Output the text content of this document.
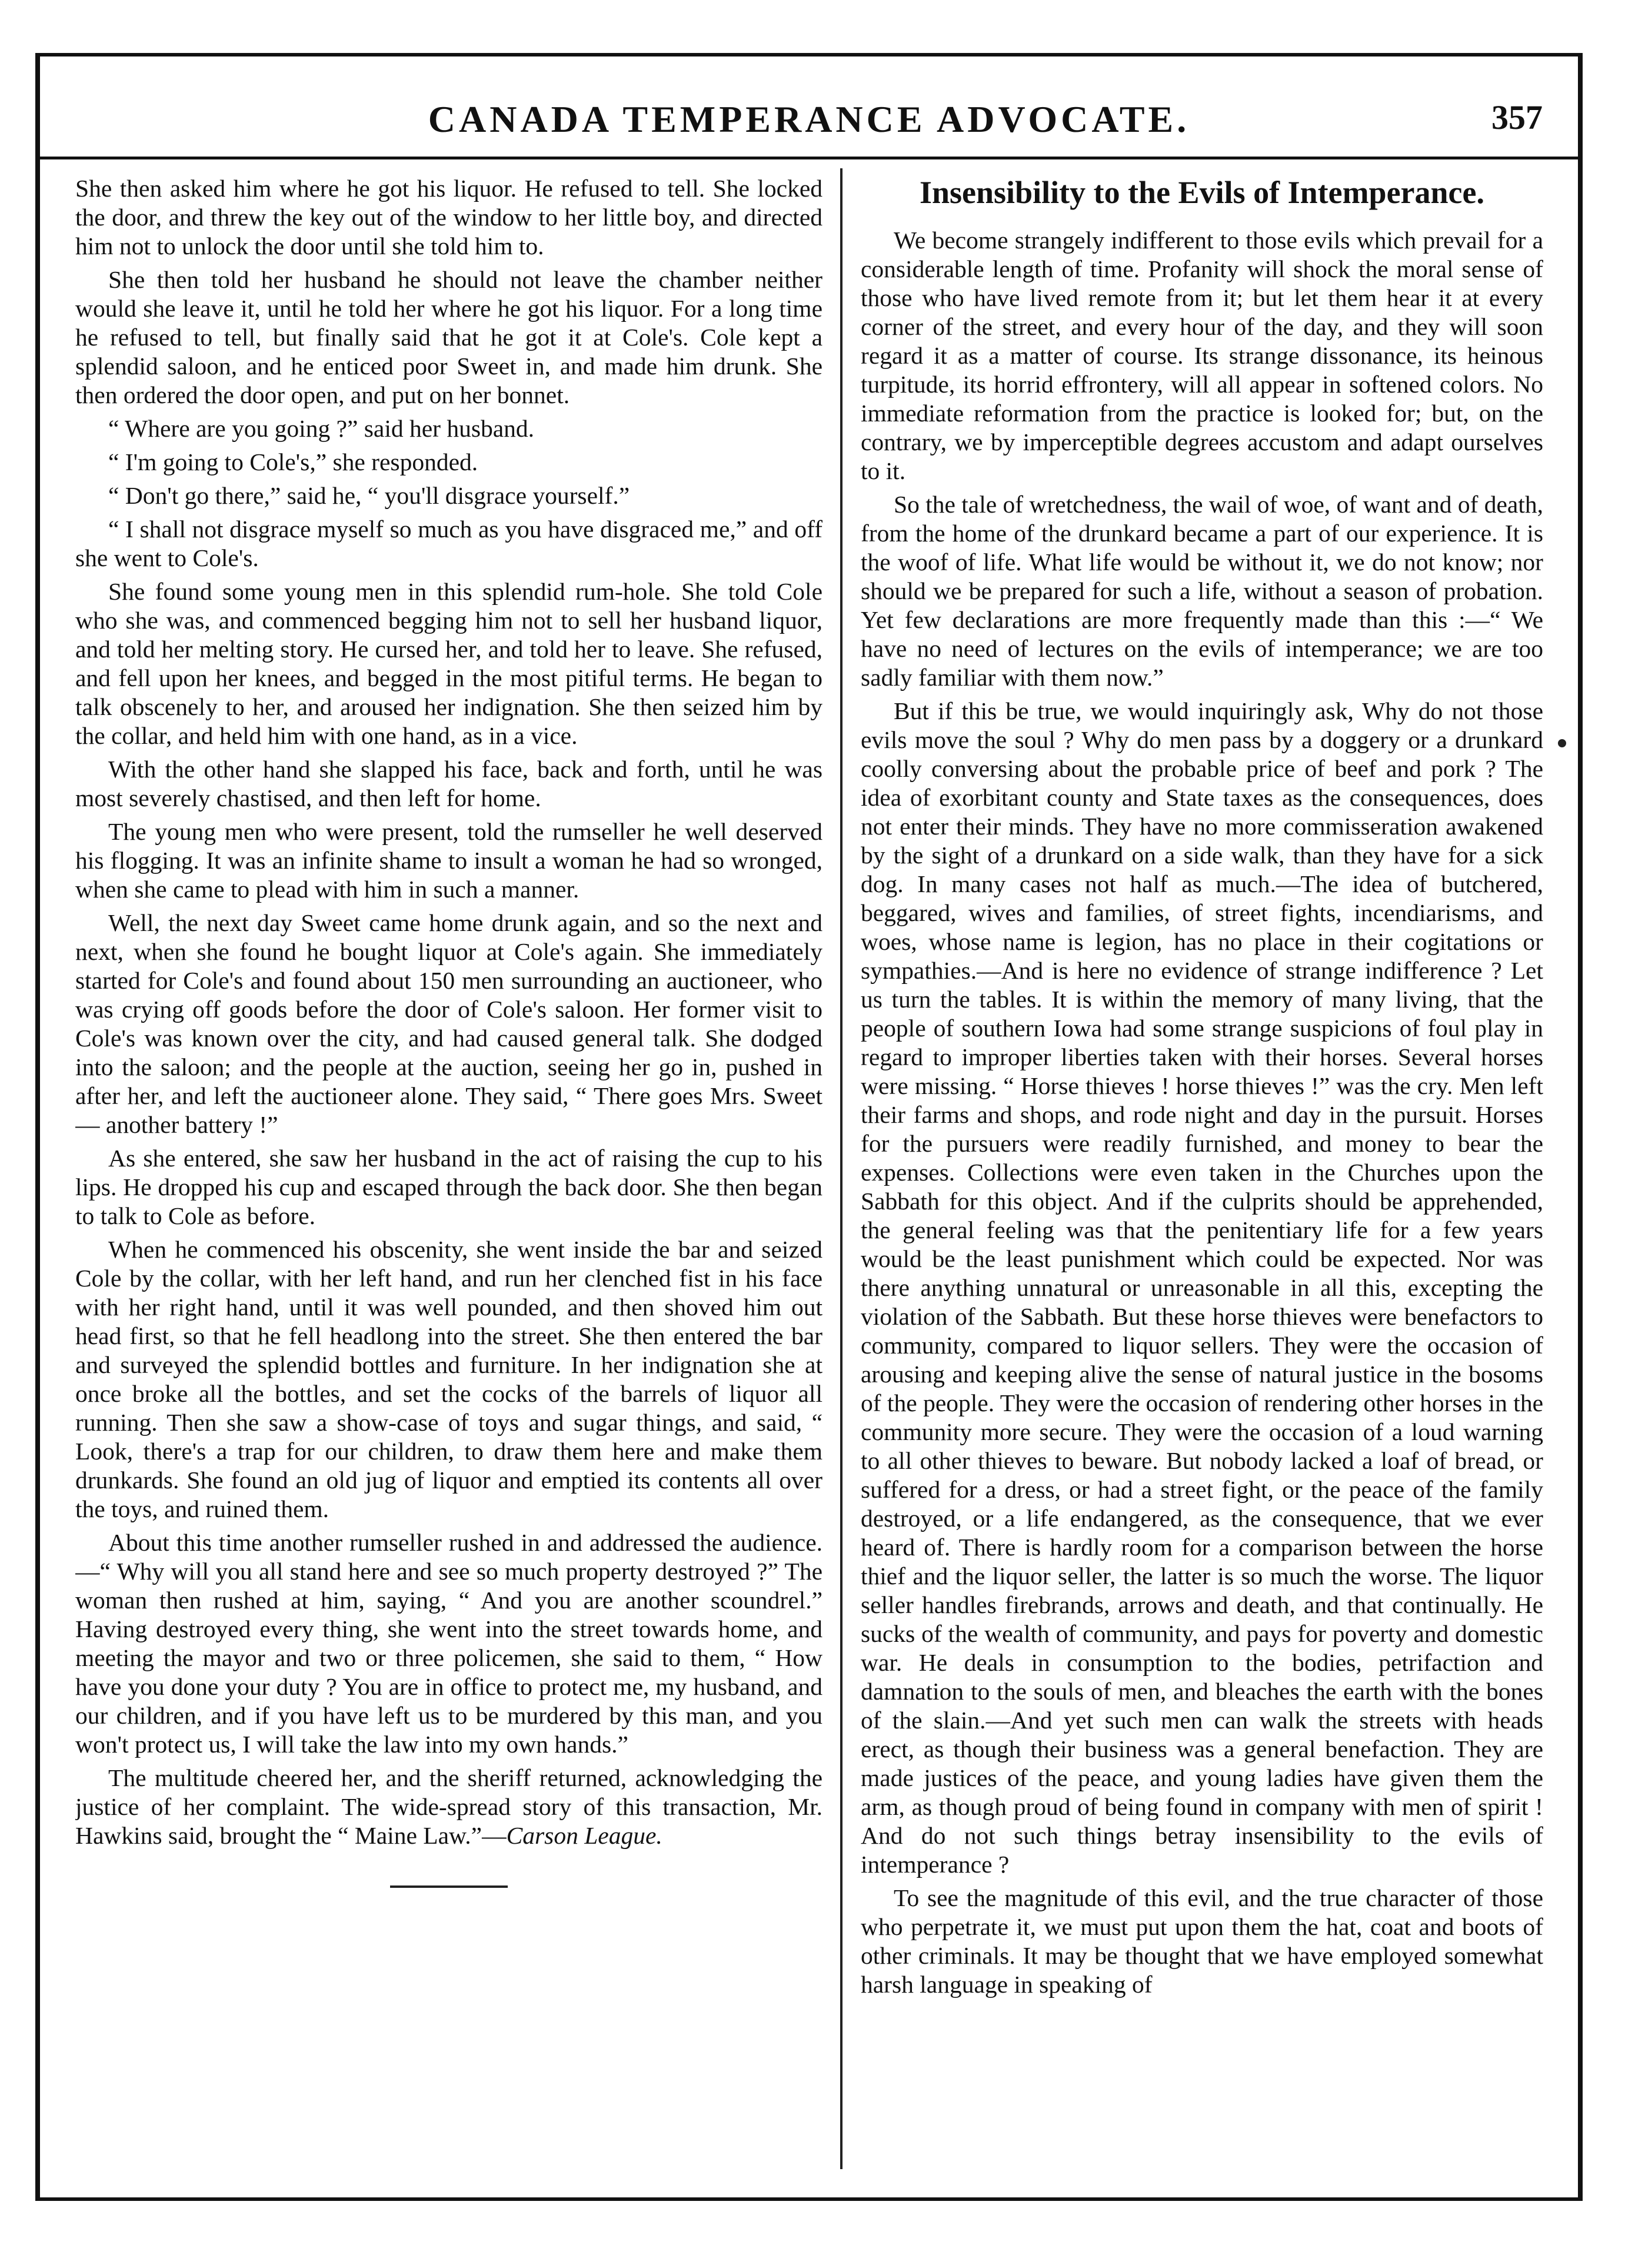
CANADA TEMPERANCE ADVOCATE.	357

She then asked him where he got his liquor. He refused to tell. She locked the door, and threw the key out of the window to her little boy, and directed him not to unlock the door until she told him to.

She then told her husband he should not leave the chamber neither would she leave it, until he told her where he got his liquor. For a long time he refused to tell, but finally said that he got it at Cole's. Cole kept a splendid saloon, and he enticed poor Sweet in, and made him drunk. She then ordered the door open, and put on her bonnet.

“ Where are you going ?” said her husband.

“ I'm going to Cole's,” she responded.

“ Don't go there,” said he, “ you'll disgrace yourself.”

“ I shall not disgrace myself so much as you have disgraced me,” and off she went to Cole's.

She found some young men in this splendid rum-hole. She told Cole who she was, and commenced begging him not to sell her husband liquor, and told her melting story. He cursed her, and told her to leave. She refused, and fell upon her knees, and begged in the most pitiful terms. He began to talk obscenely to her, and aroused her indignation. She then seized him by the collar, and held him with one hand, as in a vice.

With the other hand she slapped his face, back and forth, until he was most severely chastised, and then left for home.

The young men who were present, told the rumseller he well deserved his flogging. It was an infinite shame to insult a woman he had so wronged, when she came to plead with him in such a manner.

Well, the next day Sweet came home drunk again, and so the next and next, when she found he bought liquor at Cole's again. She immediately started for Cole's and found about 150 men surrounding an auctioneer, who was crying off goods before the door of Cole's saloon. Her former visit to Cole's was known over the city, and had caused general talk. She dodged into the saloon; and the people at the auction, seeing her go in, pushed in after her, and left the auctioneer alone. They said, “ There goes Mrs. Sweet— another battery !”

As she entered, she saw her husband in the act of raising the cup to his lips. He dropped his cup and escaped through the back door. She then began to talk to Cole as before.

When he commenced his obscenity, she went inside the bar and seized Cole by the collar, with her left hand, and run her clenched fist in his face with her right hand, until it was well pounded, and then shoved him out head first, so that he fell headlong into the street. She then entered the bar and surveyed the splendid bottles and furniture. In her indignation she at once broke all the bottles, and set the cocks of the barrels of liquor all running. Then she saw a show-case of toys and sugar things, and said, “ Look, there's a trap for our children, to draw them here and make them drunkards. She found an old jug of liquor and emptied its contents all over the toys, and ruined them.

About this time another rumseller rushed in and addressed the audience.—“ Why will you all stand here and see so much property destroyed ?” The woman then rushed at him, saying, “ And you are another scoundrel.” Having destroyed every thing, she went into the street towards home, and meeting the mayor and two or three policemen, she said to them, “ How have you done your duty ? You are in office to protect me, my husband, and our children, and if you have left us to be murdered by this man, and you won't protect us, I will take the law into my own hands.”

The multitude cheered her, and the sheriff returned, acknowledging the justice of her complaint. The wide-spread story of this transaction, Mr. Hawkins said, brought the “ Maine Law.”—Carson League.

Insensibility to the Evils of Intemperance.

We become strangely indifferent to those evils which prevail for a considerable length of time. Profanity will shock the moral sense of those who have lived remote from it; but let them hear it at every corner of the street, and every hour of the day, and they will soon regard it as a matter of course. Its strange dissonance, its heinous turpitude, its horrid effrontery, will all appear in softened colors. No immediate reformation from the practice is looked for; but, on the contrary, we by imperceptible degrees accustom and adapt ourselves to it.

So the tale of wretchedness, the wail of woe, of want and of death, from the home of the drunkard became a part of our experience. It is the woof of life. What life would be without it, we do not know; nor should we be prepared for such a life, without a season of probation. Yet few declarations are more frequently made than this :—“ We have no need of lectures on the evils of intemperance; we are too sadly familiar with them now.”

But if this be true, we would inquiringly ask, Why do not those evils move the soul ? Why do men pass by a doggery or a drunkard coolly conversing about the probable price of beef and pork ? The idea of exorbitant county and State taxes as the consequences, does not enter their minds. They have no more commisseration awakened by the sight of a drunkard on a side walk, than they have for a sick dog. In many cases not half as much.—The idea of butchered, beggared, wives and families, of street fights, incendiarisms, and woes, whose name is legion, has no place in their cogitations or sympathies.—And is here no evidence of strange indifference ? Let us turn the tables. It is within the memory of many living, that the people of southern Iowa had some strange suspicions of foul play in regard to improper liberties taken with their horses. Several horses were missing. “ Horse thieves ! horse thieves !” was the cry. Men left their farms and shops, and rode night and day in the pursuit. Horses for the pursuers were readily furnished, and money to bear the expenses. Collections were even taken in the Churches upon the Sabbath for this object. And if the culprits should be apprehended, the general feeling was that the penitentiary life for a few years would be the least punishment which could be expected. Nor was there anything unnatural or unreasonable in all this, excepting the violation of the Sabbath. But these horse thieves were benefactors to community, compared to liquor sellers. They were the occasion of arousing and keeping alive the sense of natural justice in the bosoms of the people. They were the occasion of rendering other horses in the community more secure. They were the occasion of a loud warning to all other thieves to beware. But nobody lacked a loaf of bread, or suffered for a dress, or had a street fight, or the peace of the family destroyed, or a life endangered, as the consequence, that we ever heard of. There is hardly room for a comparison between the horse thief and the liquor seller, the latter is so much the worse. The liquor seller handles firebrands, arrows and death, and that continually. He sucks of the wealth of community, and pays for poverty and domestic war. He deals in consumption to the bodies, petrifaction and damnation to the souls of men, and bleaches the earth with the bones of the slain.—And yet such men can walk the streets with heads erect, as though their business was a general benefaction. They are made justices of the peace, and young ladies have given them the arm, as though proud of being found in company with men of spirit ! And do not such things betray insensibility to the evils of intemperance ?

To see the magnitude of this evil, and the true character of those who perpetrate it, we must put upon them the hat, coat and boots of other criminals. It may be thought that we have employed somewhat harsh language in speaking of
